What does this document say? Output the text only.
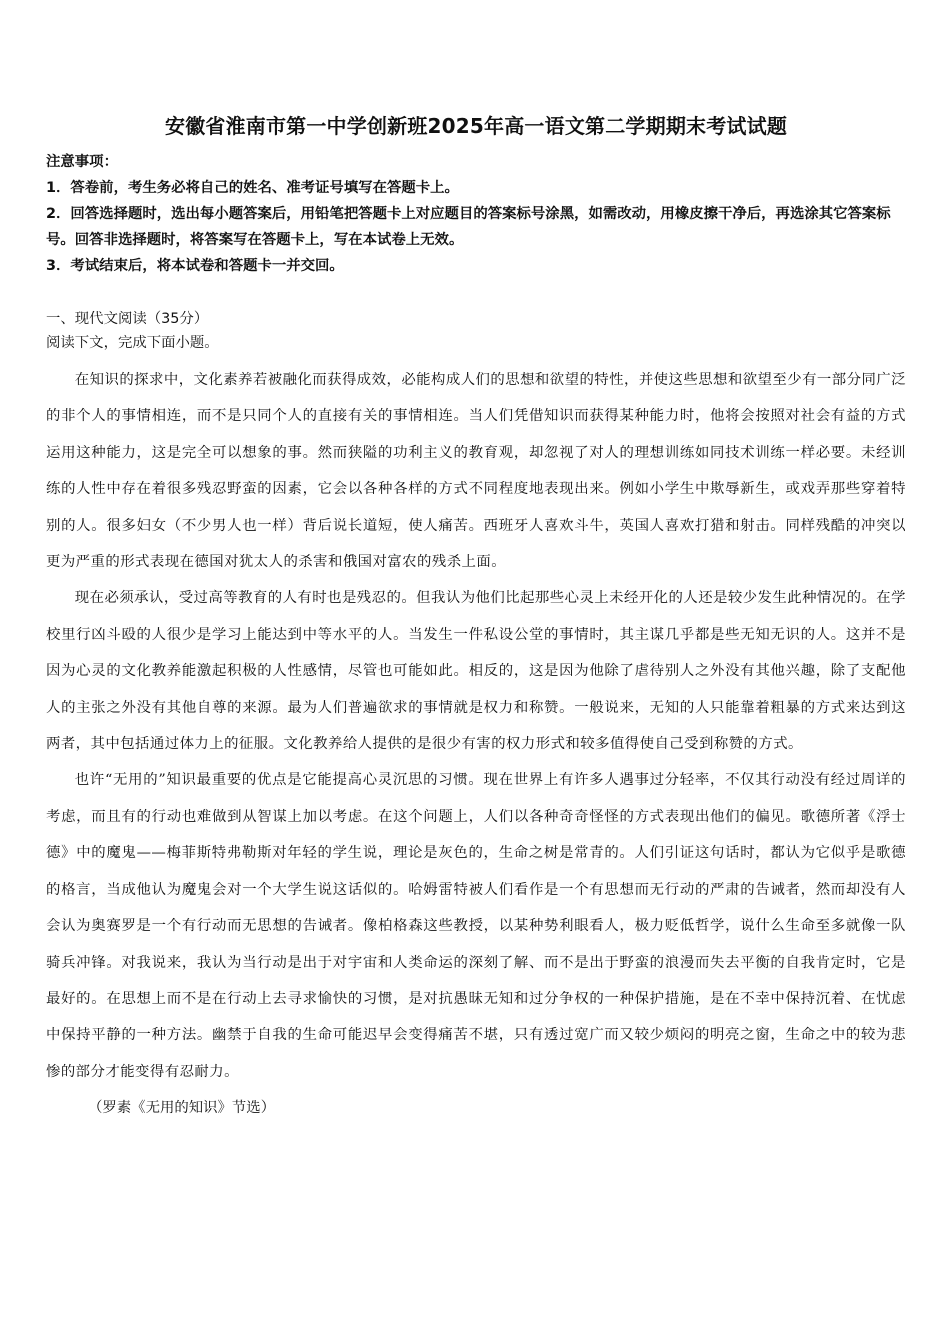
安徽省淮南市第一中学创新班2025年高一语文第二学期期末考试试题

注意事项：

1．答卷前，考生务必将自己的姓名、准考证号填写在答题卡上。

2．回答选择题时，选出每小题答案后，用铅笔把答题卡上对应题目的答案标号涂黑，如需改动，用橡皮擦干净后，再选涂其它答案标号。回答非选择题时，将答案写在答题卡上，写在本试卷上无效。

3．考试结束后，将本试卷和答题卡一并交回。

一、现代文阅读（35分）

阅读下文，完成下面小题。

在知识的探求中，文化素养若被融化而获得成效，必能构成人们的思想和欲望的特性，并使这些思想和欲望至少有一部分同广泛的非个人的事情相连，而不是只同个人的直接有关的事情相连。当人们凭借知识而获得某种能力时，他将会按照对社会有益的方式运用这种能力，这是完全可以想象的事。然而狭隘的功利主义的教育观，却忽视了对人的理想训练如同技术训练一样必要。未经训练的人性中存在着很多残忍野蛮的因素，它会以各种各样的方式不同程度地表现出来。例如小学生中欺辱新生，或戏弄那些穿着特别的人。很多妇女（不少男人也一样）背后说长道短，使人痛苦。西班牙人喜欢斗牛，英国人喜欢打猎和射击。同样残酷的冲突以更为严重的形式表现在德国对犹太人的杀害和俄国对富农的残杀上面。

现在必须承认，受过高等教育的人有时也是残忍的。但我认为他们比起那些心灵上未经开化的人还是较少发生此种情况的。在学校里行凶斗殴的人很少是学习上能达到中等水平的人。当发生一件私设公堂的事情时，其主谋几乎都是些无知无识的人。这并不是因为心灵的文化教养能激起积极的人性感情，尽管也可能如此。相反的，这是因为他除了虐待别人之外没有其他兴趣，除了支配他人的主张之外没有其他自尊的来源。最为人们普遍欲求的事情就是权力和称赞。一般说来，无知的人只能靠着粗暴的方式来达到这两者，其中包括通过体力上的征服。文化教养给人提供的是很少有害的权力形式和较多值得使自己受到称赞的方式。

也许“无用的”知识最重要的优点是它能提高心灵沉思的习惯。现在世界上有许多人遇事过分轻率，不仅其行动没有经过周详的考虑，而且有的行动也难做到从智谋上加以考虑。在这个问题上，人们以各种奇奇怪怪的方式表现出他们的偏见。歌德所著《浮士德》中的魔鬼——梅菲斯特弗勒斯对年轻的学生说，理论是灰色的，生命之树是常青的。人们引证这句话时，都认为它似乎是歌德的格言，当成他认为魔鬼会对一个大学生说这话似的。哈姆雷特被人们看作是一个有思想而无行动的严肃的告诫者，然而却没有人会认为奥赛罗是一个有行动而无思想的告诫者。像柏格森这些教授，以某种势利眼看人，极力贬低哲学，说什么生命至多就像一队骑兵冲锋。对我说来，我认为当行动是出于对宇宙和人类命运的深刻了解、而不是出于野蛮的浪漫而失去平衡的自我肯定时，它是最好的。在思想上而不是在行动上去寻求愉快的习惯，是对抗愚昧无知和过分争权的一种保护措施，是在不幸中保持沉着、在忧虑中保持平静的一种方法。幽禁于自我的生命可能迟早会变得痛苦不堪，只有透过宽广而又较少烦闷的明亮之窗，生命之中的较为悲惨的部分才能变得有忍耐力。

（罗素《无用的知识》节选）
